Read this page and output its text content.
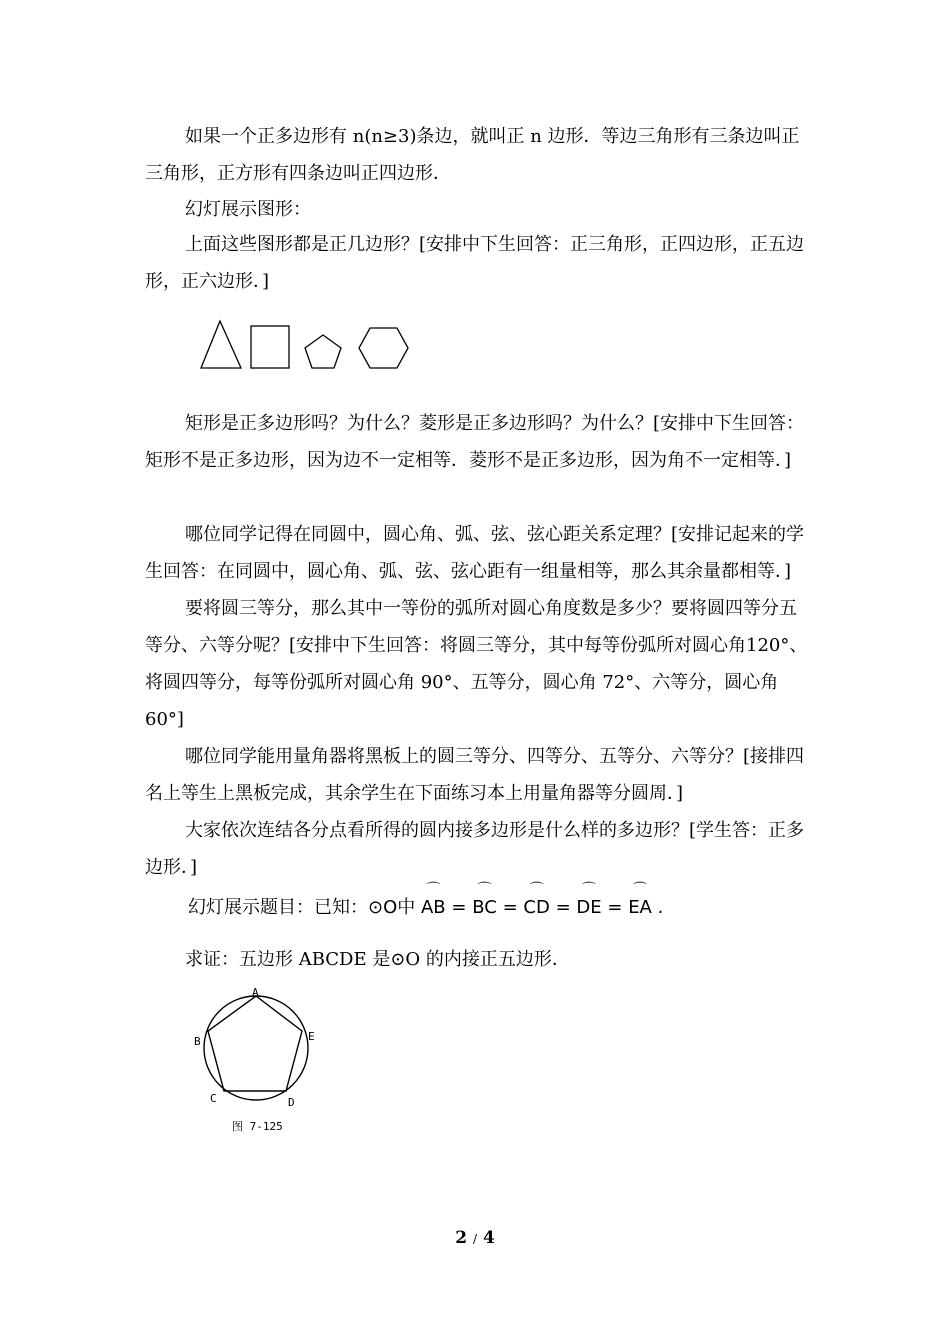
如果一个正多边形有 n(n≥3)条边，就叫正 n 边形．等边三角形有三条边叫正三角形，正方形有四条边叫正四边形．

幻灯展示图形：

上面这些图形都是正几边形？[安排中下生回答：正三角形，正四边形，正五边形，正六边形．]

矩形是正多边形吗？为什么？菱形是正多边形吗？为什么？[安排中下生回答：矩形不是正多边形，因为边不一定相等．菱形不是正多边形，因为角不一定相等．]

哪位同学记得在同圆中，圆心角、弧、弦、弦心距关系定理？[安排记起来的学生回答：在同圆中，圆心角、弧、弦、弦心距有一组量相等，那么其余量都相等．]

要将圆三等分，那么其中一等份的弧所对圆心角度数是多少？要将圆四等分五等分、六等分呢？[安排中下生回答：将圆三等分，其中每等份弧所对圆心角120°、将圆四等分，每等份弧所对圆心角 90°、五等分，圆心角 72°、六等分，圆心角 60°]

哪位同学能用量角器将黑板上的圆三等分、四等分、五等分、六等分？[接排四名上等生上黑板完成，其余学生在下面练习本上用量角器等分圆周．]

大家依次连结各分点看所得的圆内接多边形是什么样的多边形？[学生答：正多边形．]

幻灯展示题目：已知：⊙O中
⌒
AB =
⌒
BC =
⌒
CD =
⌒
DE =
⌒
EA .
求证：五边形 ABCDE 是⊙O 的内接正五边形．
A
B	E
C	D
图 7-125
2 / 4
